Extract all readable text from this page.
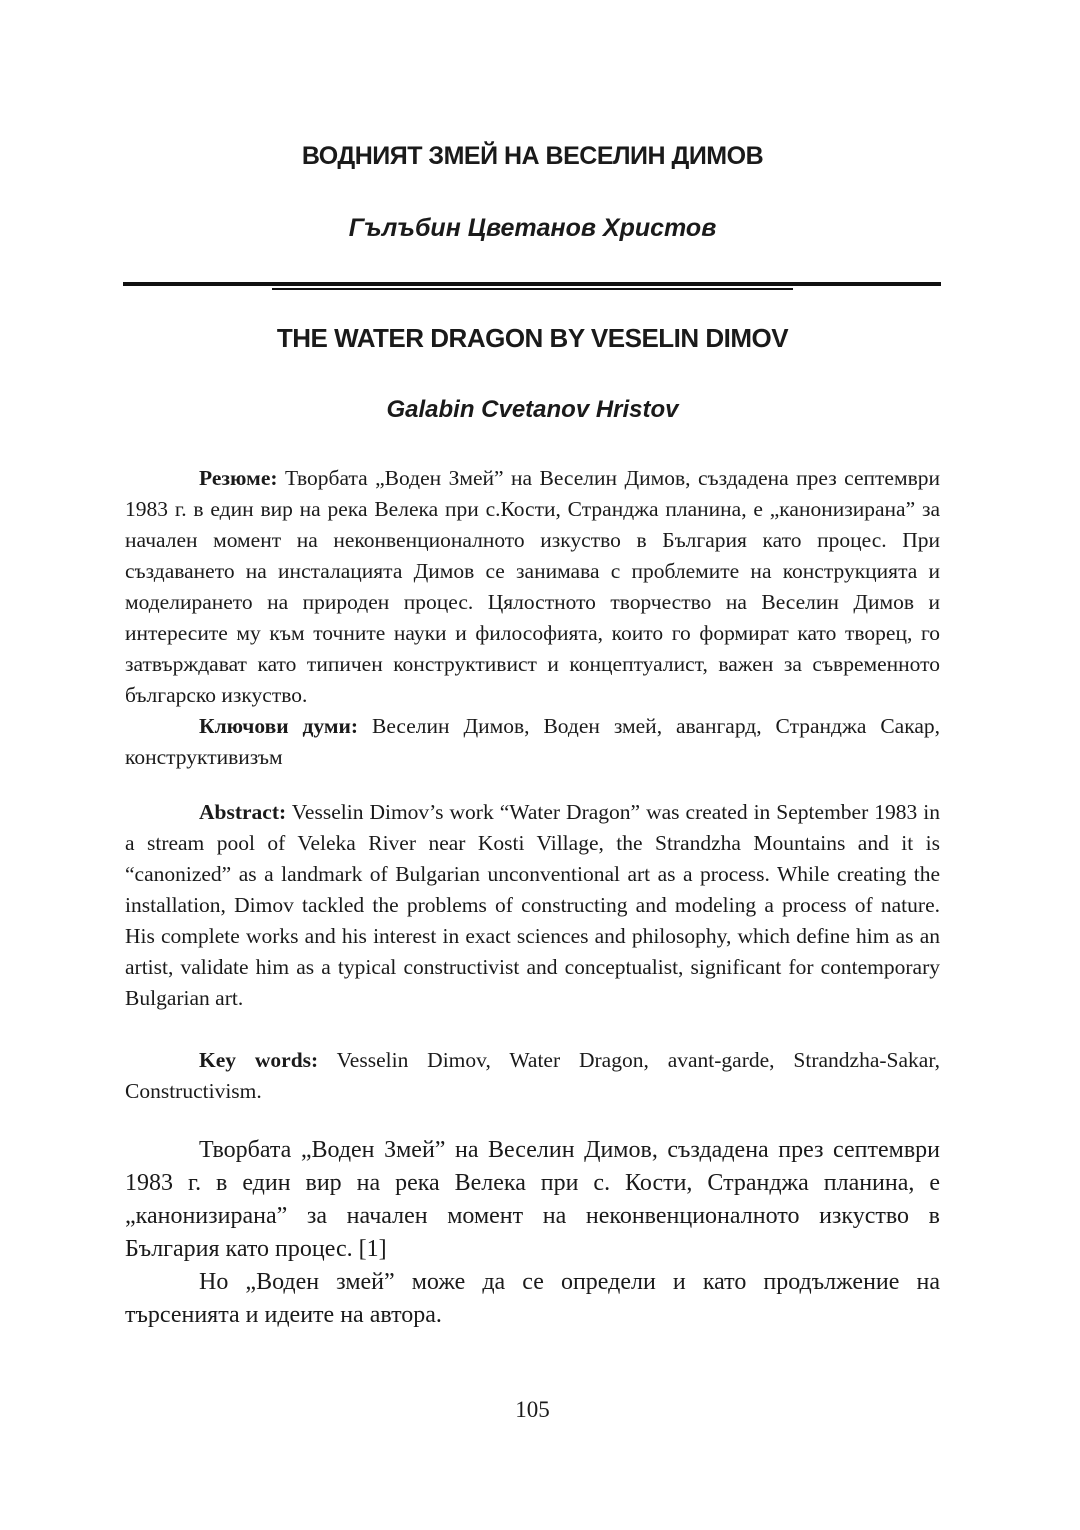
ВОДНИЯТ ЗМЕЙ НА ВЕСЕЛИН ДИМОВ
Гълъбин Цветанов Христов
THE WATER DRAGON BY VESELIN DIMOV
Galabin Cvetanov Hristov

Резюме: Творбата „Воден Змей” на Веселин Димов, създадена през септември 1983 г. в един вир на река Велека при с.Кости, Странджа планина, е „канонизирана” за начален момент на неконвенционалното изкуство в България като процес. При създаването на инсталацията Димов се занимава с проблемите на конструкцията и моделирането на природен процес. Цялостното творчество на Веселин Димов и интересите му към точните науки и философията, които го формират като творец, го затвърждават като типичен конструктивист и концептуалист, важен за съвременното българско изкуство.

Ключови думи: Веселин Димов, Воден змей, авангард, Странджа Сакар, конструктивизъм

Abstract: Vesselin Dimov’s work “Water Dragon” was created in September 1983 in a stream pool of Veleka River near Kosti Village, the Strandzha Mountains and it is “canonized” as a landmark of Bulgarian unconventional art as a process. While creating the installation, Dimov tackled the problems of constructing and modeling a process of nature. His complete works and his interest in exact sciences and philosophy, which define him as an artist, validate him as a typical constructivist and conceptualist, significant for contemporary Bulgarian art.

Key words: Vesselin Dimov, Water Dragon, avant-garde, Strandzha-Sakar, Constructivism.

Творбата „Воден Змей” на Веселин Димов, създадена през септември 1983 г. в един вир на река Велека при с. Кости, Странджа планина, е „канонизирана” за начален момент на неконвенционалното изкуство в България като процес. [1]

Но „Воден змей” може да се определи и като продължение на търсенията и идеите на автора.

105
